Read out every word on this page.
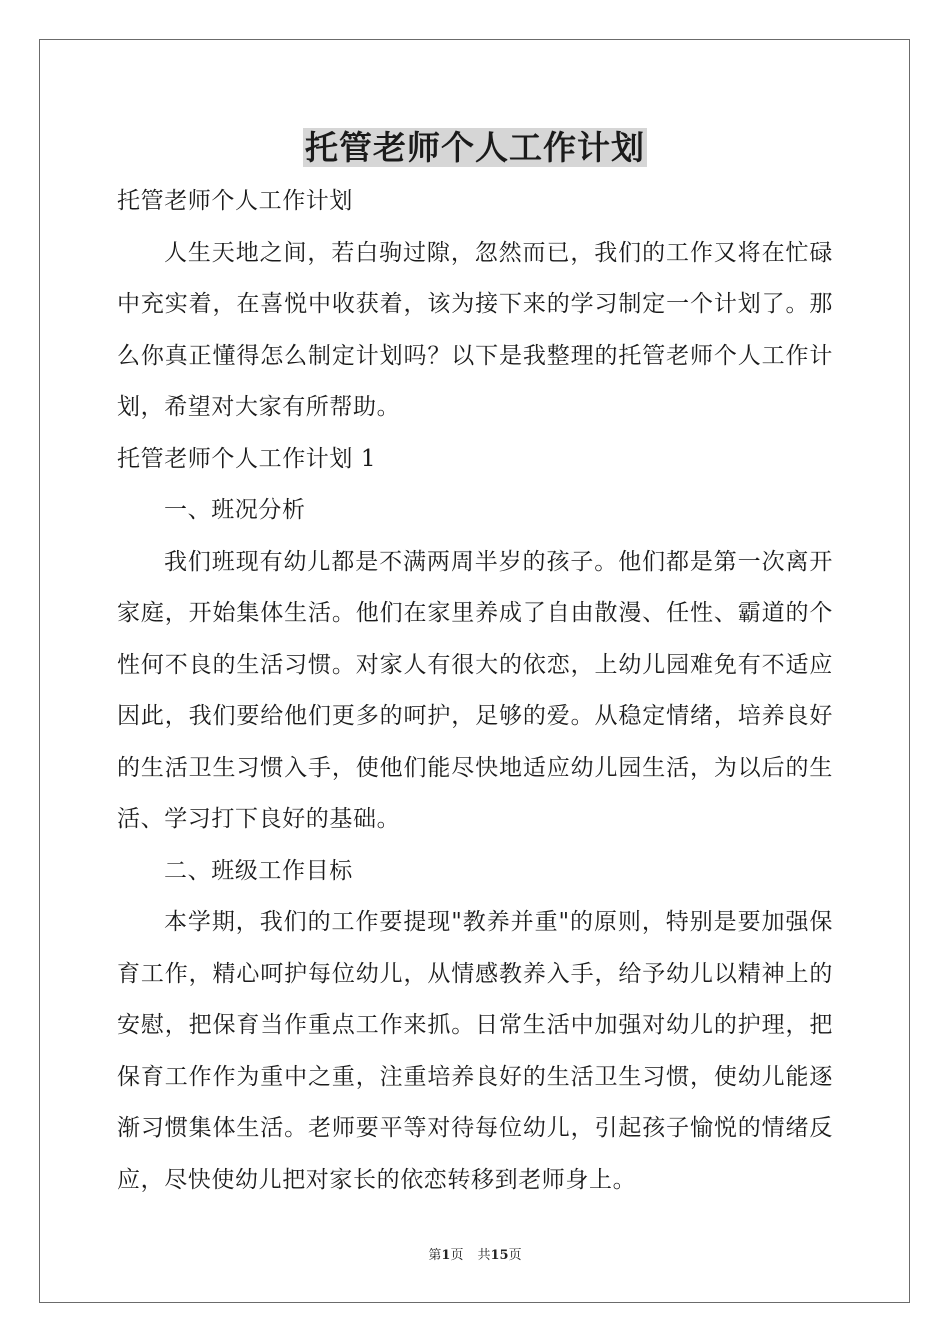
托管老师个人工作计划

托管老师个人工作计划

人生天地之间，若白驹过隙，忽然而已，我们的工作又将在忙碌中充实着，在喜悦中收获着，该为接下来的学习制定一个计划了。那么你真正懂得怎么制定计划吗？以下是我整理的托管老师个人工作计划，希望对大家有所帮助。

托管老师个人工作计划 1

一、班况分析

我们班现有幼儿都是不满两周半岁的孩子。他们都是第一次离开家庭，开始集体生活。他们在家里养成了自由散漫、任性、霸道的个性何不良的生活习惯。对家人有很大的依恋，上幼儿园难免有不适应因此，我们要给他们更多的呵护，足够的爱。从稳定情绪，培养良好的生活卫生习惯入手，使他们能尽快地适应幼儿园生活，为以后的生活、学习打下良好的基础。

二、班级工作目标

本学期，我们的工作要提现"教养并重"的原则，特别是要加强保育工作，精心呵护每位幼儿，从情感教养入手，给予幼儿以精神上的安慰，把保育当作重点工作来抓。日常生活中加强对幼儿的护理，把保育工作作为重中之重，注重培养良好的生活卫生习惯，使幼儿能逐渐习惯集体生活。老师要平等对待每位幼儿，引起孩子愉悦的情绪反应，尽快使幼儿把对家长的依恋转移到老师身上。

第1页 共15页
